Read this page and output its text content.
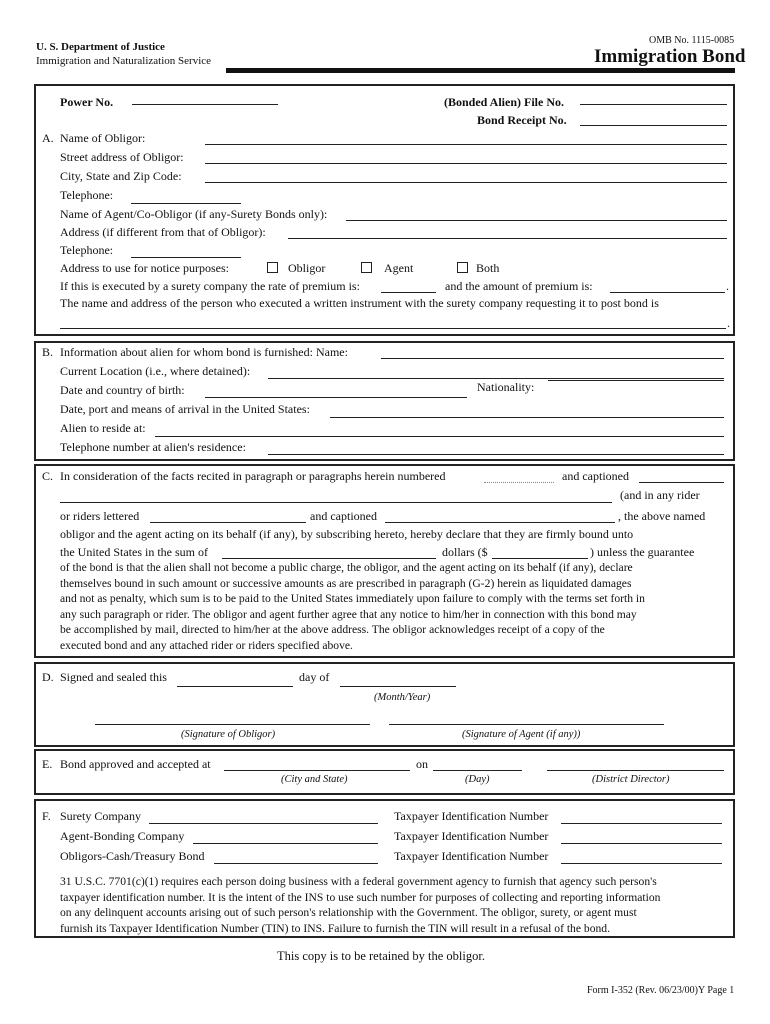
U. S. Department of Justice
Immigration and Naturalization Service
OMB No. 1115-0085
Immigration Bond
Power No.	(Bonded Alien) File No.
Bond Receipt No.
A. Name of Obligor:
Street address of Obligor:
City, State and Zip Code:
Telephone:
Name of Agent/Co-Obligor (if any-Surety Bonds only):
Address (if different from that of Obligor):
Telephone:
Address to use for notice purposes:	Obligor	Agent	Both
If this is executed by a surety company the rate of premium is:	and the amount of premium is:	.
The name and address of the person who executed a written instrument with the surety company requesting it to post bond is
.
B. Information about alien for whom bond is furnished: Name:
Current Location (i.e., where detained):
Date and country of birth:	Nationality:
Date, port and means of arrival in the United States:
Alien to reside at:
Telephone number at alien's residence:
C. In consideration of the facts recited in paragraph or paragraphs herein numbered	and captioned
(and in any rider
or riders lettered	and captioned	, the above named
obligor and the agent acting on its behalf (if any), by subscribing hereto, hereby declare that they are firmly bound unto
the United States in the sum of	dollars ($	) unless the guarantee
of the bond is that the alien shall not become a public charge, the obligor, and the agent acting on its behalf (if any), declare
themselves bound in such amount or successive amounts as are prescribed in paragraph (G-2) herein as liquidated damages
and not as penalty, which sum is to be paid to the United States immediately upon failure to comply with the terms set forth in
any such paragraph or rider. The obligor and agent further agree that any notice to him/her in connection with this bond may
be accomplished by mail, directed to him/her at the above address. The obligor acknowledges receipt of a copy of the
executed bond and any attached rider or riders specified above.
D. Signed and sealed this	day of
(Month/Year)
(Signature of Obligor)	(Signature of Agent (if any))
E. Bond approved and accepted at
(City and State)
on
(Day)	(District Director)
F. Surety Company	Taxpayer Identification Number
Agent-Bonding Company	Taxpayer Identification Number
Obligors-Cash/Treasury Bond	Taxpayer Identification Number
31 U.S.C. 7701(c)(1) requires each person doing business with a federal government agency to furnish that agency such person's
taxpayer identification number. It is the intent of the INS to use such number for purposes of collecting and reporting information
on any delinquent accounts arising out of such person's relationship with the Government. The obligor, surety, or agent must
furnish its Taxpayer Identification Number (TIN) to INS. Failure to furnish the TIN will result in a refusal of the bond.
This copy is to be retained by the obligor.
Form I-352 (Rev. 06/23/00)Y Page 1
